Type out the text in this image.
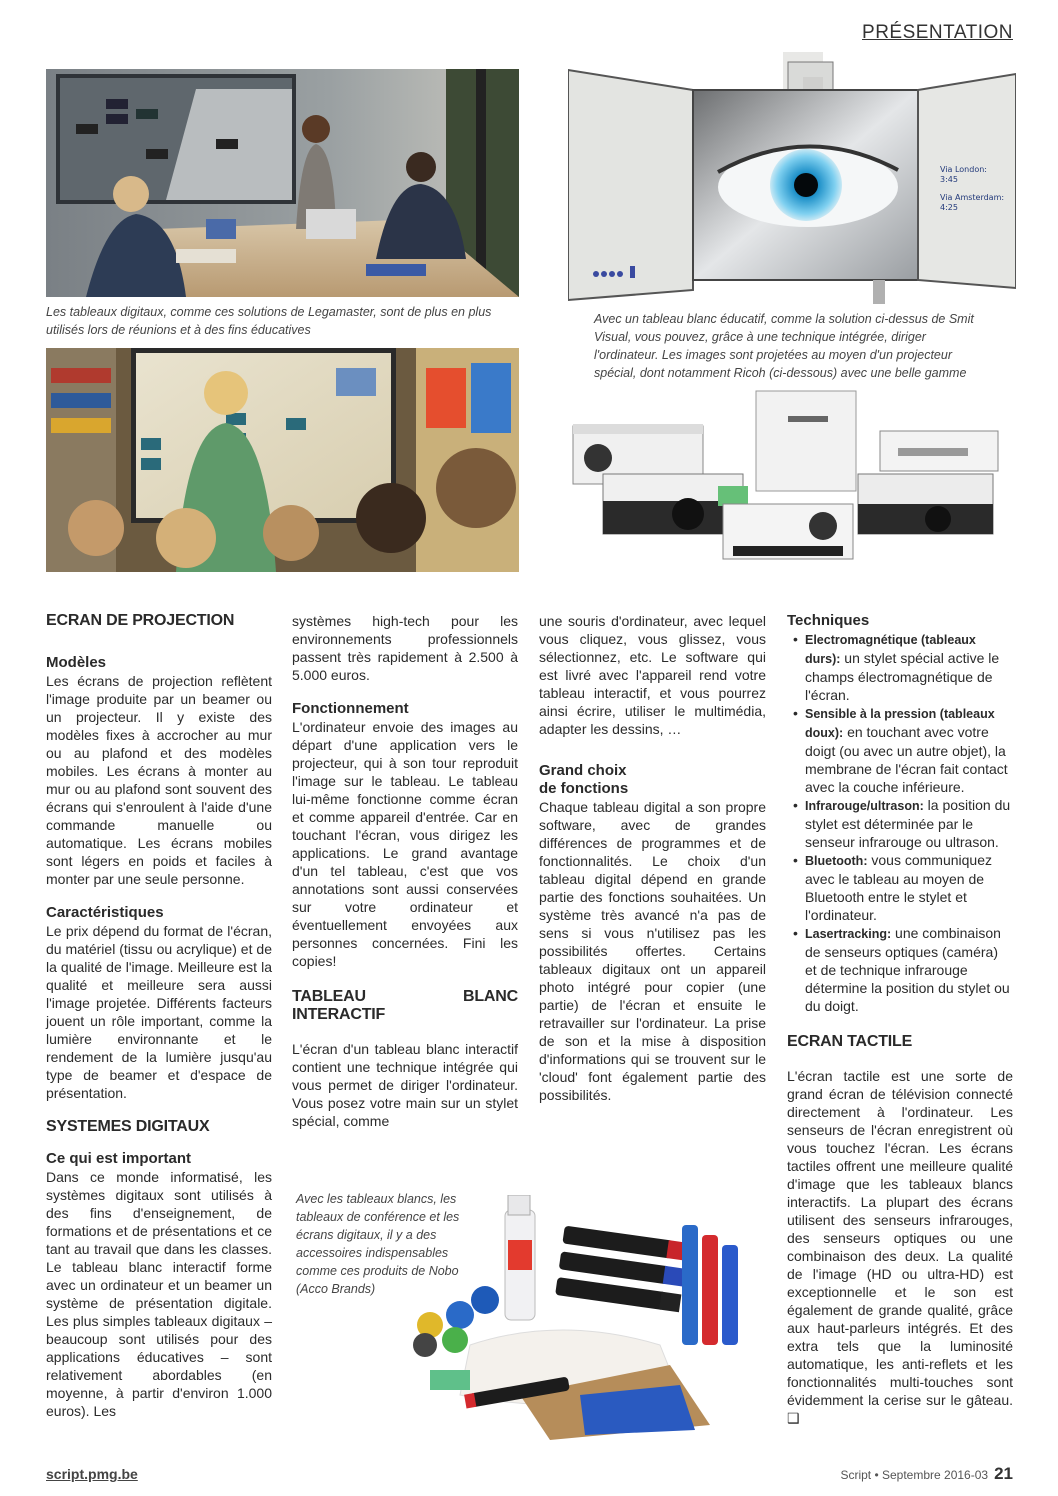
PRÉSENTATION
Les tableaux digitaux, comme ces solutions de Legamaster, sont de plus en plus utilisés lors de réunions et à des fins éducatives
Via London:
3:45
Via Amsterdam:
4:25
Avec un tableau blanc éducatif, comme la solution ci-dessus de Smit Visual, vous pouvez, grâce à une technique intégrée, diriger l'ordinateur. Les images sont projetées au moyen d'un projecteur spécial, dont notamment Ricoh (ci-dessous) avec une belle gamme
Avec les tableaux blancs, les tableaux de conférence et les écrans digitaux, il y a des accessoires indispensables comme ces produits de Nobo (Acco Brands)
ECRAN DE PROJECTION
Modèles

Les écrans de projection reflètent l'image produite par un beamer ou un projecteur. Il y existe des modèles fixes à accrocher au mur ou au plafond et des modèles mobiles. Les écrans à monter au mur ou au plafond sont souvent des écrans qui s'enroulent à l'aide d'une commande manuelle ou automatique. Les écrans mobiles sont légers en poids et faciles à monter par une seule personne.

Caractéristiques

Le prix dépend du format de l'écran, du matériel (tissu ou acrylique) et de la qualité de l'image. Meilleure est la qualité et meilleure sera aussi l'image projetée. Différents facteurs jouent un rôle important, comme la lumière environnante et le rendement de la lumière jusqu'au type de beamer et d'espace de présentation.

SYSTEMES DIGITAUX
Ce qui est important

Dans ce monde informatisé, les systèmes digitaux sont utilisés à des fins d'enseignement, de formations et de présentations et ce tant au travail que dans les classes. Le tableau blanc interactif forme avec un ordinateur et un beamer un système de présentation digitale. Les plus simples tableaux digitaux – beaucoup sont utilisés pour des applications éducatives – sont relativement abordables (en moyenne, à partir d'environ 1.000 euros). Les

systèmes high-tech pour les environnements professionnels passent très rapidement à 2.500 à 5.000 euros.

Fonctionnement

L'ordinateur envoie des images au départ d'une application vers le projecteur, qui à son tour reproduit l'image sur le tableau. Le tableau lui-même fonctionne comme écran et comme appareil d'entrée. Car en touchant l'écran, vous dirigez les applications. Le grand avantage d'un tel tableau, c'est que vos annotations sont aussi conservées sur votre ordinateur et éventuellement envoyées aux personnes concernées. Fini les copies!

TABLEAU BLANC INTERACTIF

L'écran d'un tableau blanc interactif contient une technique intégrée qui vous permet de diriger l'ordinateur. Vous posez votre main sur un stylet spécial, comme

une souris d'ordinateur, avec lequel vous cliquez, vous glissez, vous sélectionnez, etc. Le software qui est livré avec l'appareil rend votre tableau interactif, et vous pourrez ainsi écrire, utiliser le multimédia, adapter les dessins, …

Grand choix
de fonctions

Chaque tableau digital a son propre software, avec de grandes différences de programmes et de fonctionnalités. Le choix d'un tableau digital dépend en grande partie des fonctions souhaitées. Un système très avancé n'a pas de sens si vous n'utilisez pas les possibilités offertes. Certains tableaux digitaux ont un appareil photo intégré pour copier (une partie) de l'écran et ensuite le retravailler sur l'ordinateur. La prise de son et la mise à disposition d'informations qui se trouvent sur le 'cloud' font également partie des possibilités.

Techniques
• Electromagnétique (tableaux durs): un stylet spécial active le champs électromagnétique de l'écran.
• Sensible à la pression (tableaux doux): en touchant avec votre doigt (ou avec un autre objet), la membrane de l'écran fait contact avec la couche inférieure.
• Infrarouge/ultrason: la position du stylet est déterminée par le senseur infrarouge ou ultrason.
• Bluetooth: vous communiquez avec le tableau au moyen de Bluetooth entre le stylet et l'ordinateur.
• Lasertracking: une combinaison de senseurs optiques (caméra) et de technique infrarouge détermine la position du stylet ou du doigt.
ECRAN TACTILE

L'écran tactile est une sorte de grand écran de télévision connecté directement à l'ordinateur. Les senseurs de l'écran enregistrent où vous touchez l'écran. Les écrans tactiles offrent une meilleure qualité d'image que les tableaux blancs interactifs. La plupart des écrans utilisent des senseurs infrarouges, des senseurs optiques ou une combinaison des deux. La qualité de l'image (HD ou ultra-HD) est exceptionnelle et le son est également de grande qualité, grâce aux haut-parleurs intégrés. Et des extra tels que la luminosité automatique, les anti-reflets et les fonctionnalités multi-touches sont évidemment la cerise sur le gâteau. ❑

script.pmg.be	Script • Septembre 2016-03 21
